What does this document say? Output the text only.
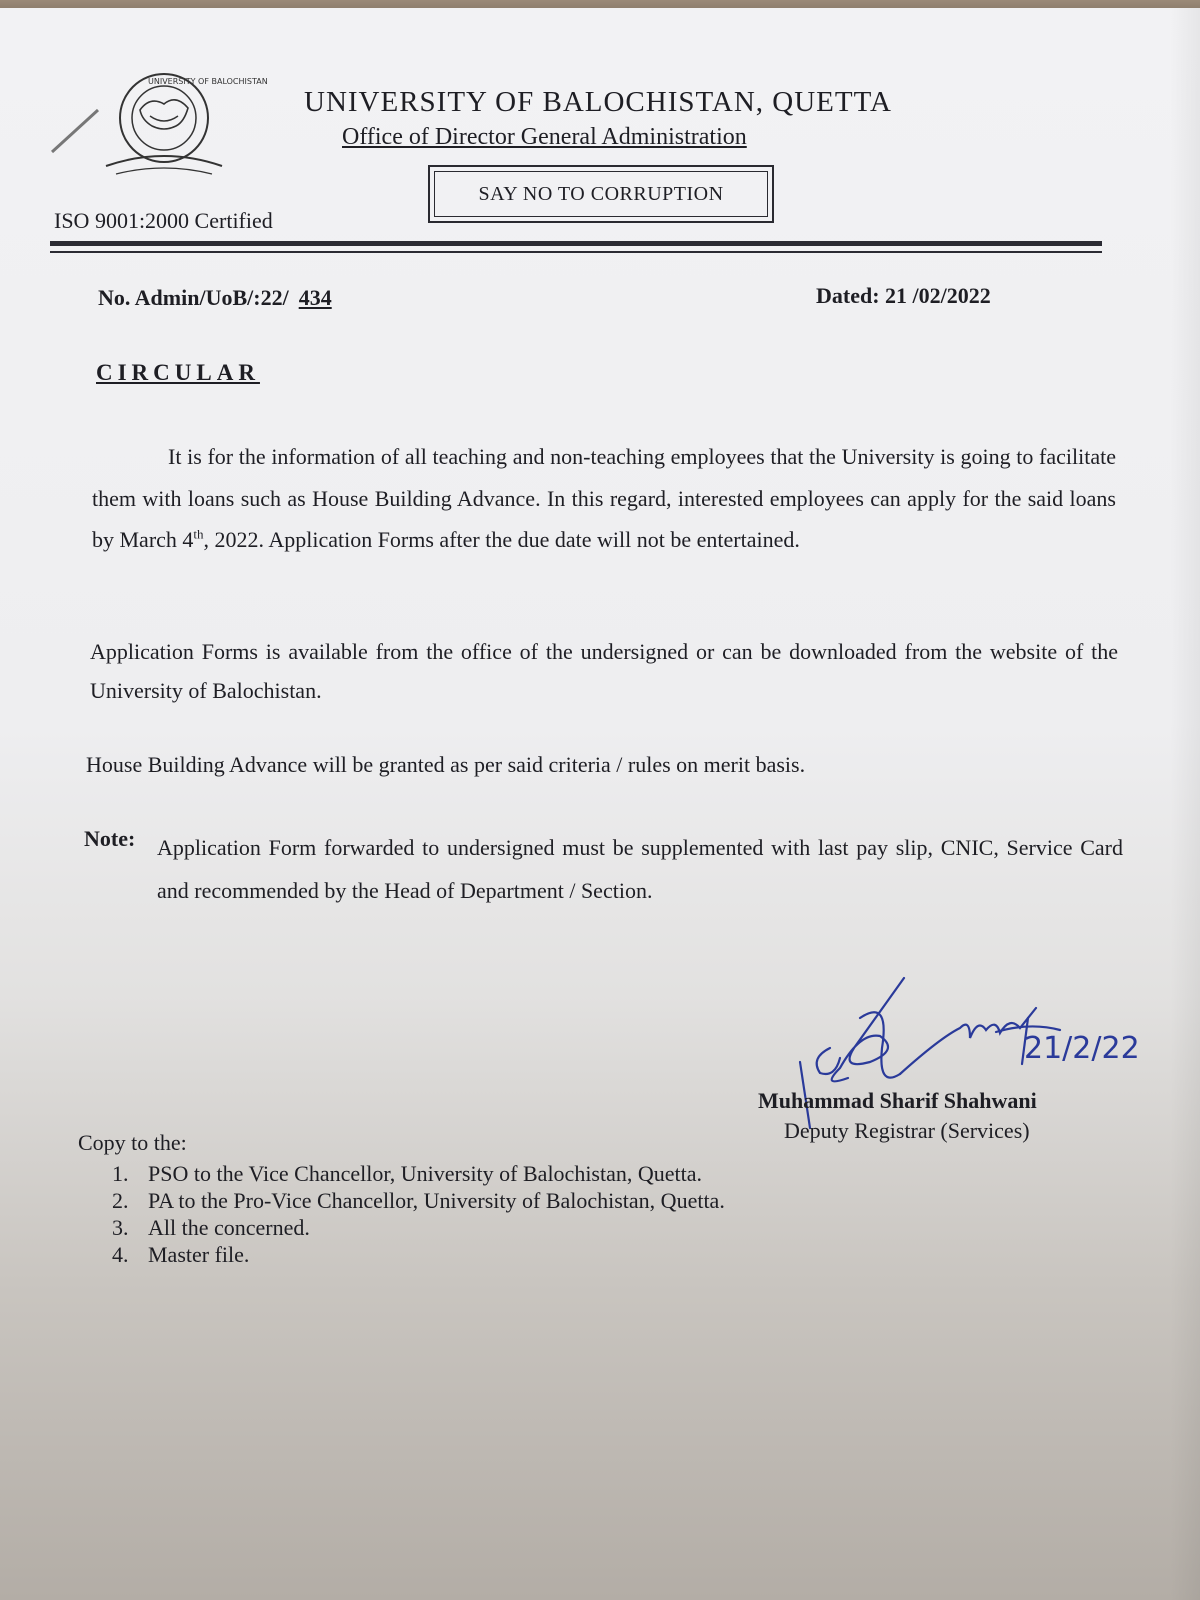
UNIVERSITY OF BALOCHISTAN
UNIVERSITY OF BALOCHISTAN, QUETTA
Office of Director General Administration
SAY NO TO CORRUPTION
ISO 9001:2000 Certified
No. Admin/UoB/:22/ 434	Dated: 21 /02/2022
CIRCULAR

It is for the information of all teaching and non-teaching employees that the University is going to facilitate them with loans such as House Building Advance. In this regard, interested employees can apply for the said loans by March 4th, 2022. Application Forms after the due date will not be entertained.

Application Forms is available from the office of the undersigned or can be downloaded from the website of the University of Balochistan.

House Building Advance will be granted as per said criteria / rules on merit basis.

Note: Application Form forwarded to undersigned must be supplemented with last pay slip, CNIC, Service Card and recommended by the Head of Department / Section.

21/2/22
Muhammad Sharif Shahwani
Deputy Registrar (Services)
Copy to the:
1. PSO to the Vice Chancellor, University of Balochistan, Quetta.
2. PA to the Pro-Vice Chancellor, University of Balochistan, Quetta.
3. All the concerned.
4. Master file.
